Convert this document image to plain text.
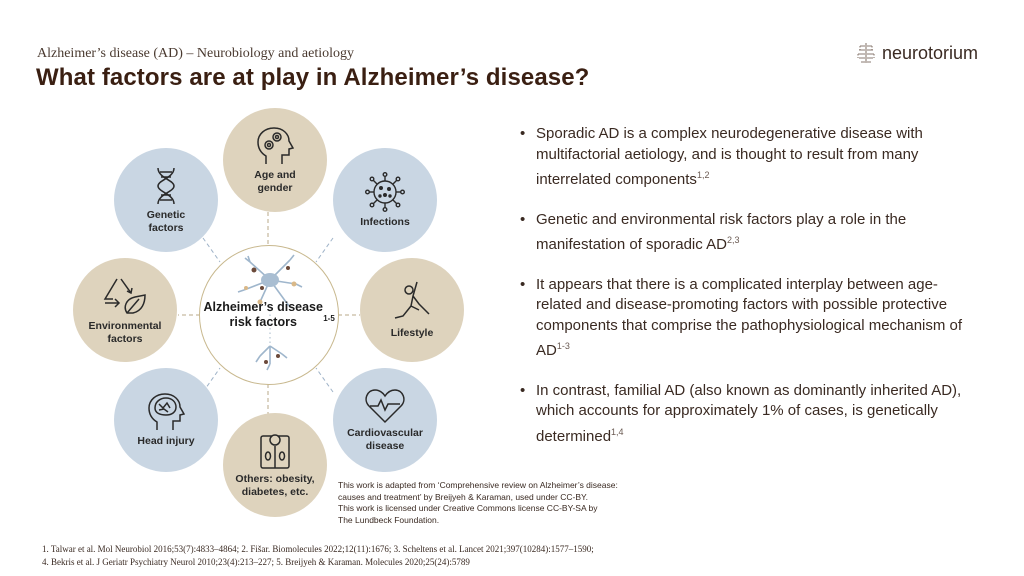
Alzheimer’s disease (AD) – Neurobiology and aetiology
What factors are at play in Alzheimer’s disease?
neurotorium
Age and gender
Genetic factors	Infections
Environmental factors	Lifestyle
Head injury
Others: obesity, diabetes, etc.
Cardiovascular disease
Alzheimer’s disease risk factors	$^{1-5}$
• Sporadic AD is a complex neurodegenerative disease with multifactorial aetiology, and is thought to result from many interrelated components$^{1,2}$
• Genetic and environmental risk factors play a role in the manifestation of sporadic AD$^{2,3}$
• It appears that there is a complicated interplay between age-related and disease-promoting factors with possible protective components that comprise the pathophysiological mechanism of AD$^{1-3}$
• In contrast, familial AD (also known as dominantly inherited AD), which accounts for approximately 1% of cases, is genetically determined$^{1,4}$
This work is adapted from ‘Comprehensive review on Alzheimer’s disease:
causes and treatment’ by Breijyeh & Karaman, used under CC-BY.
This work is licensed under Creative Commons license CC-BY-SA by
The Lundbeck Foundation.
1. Talwar et al. Mol Neurobiol 2016;53(7):4833–4864; 2. Fišar. Biomolecules 2022;12(11):1676; 3. Scheltens et al. Lancet 2021;397(10284):1577–1590;
4. Bekris et al. J Geriatr Psychiatry Neurol 2010;23(4):213–227; 5. Breijyeh & Karaman. Molecules 2020;25(24):5789
